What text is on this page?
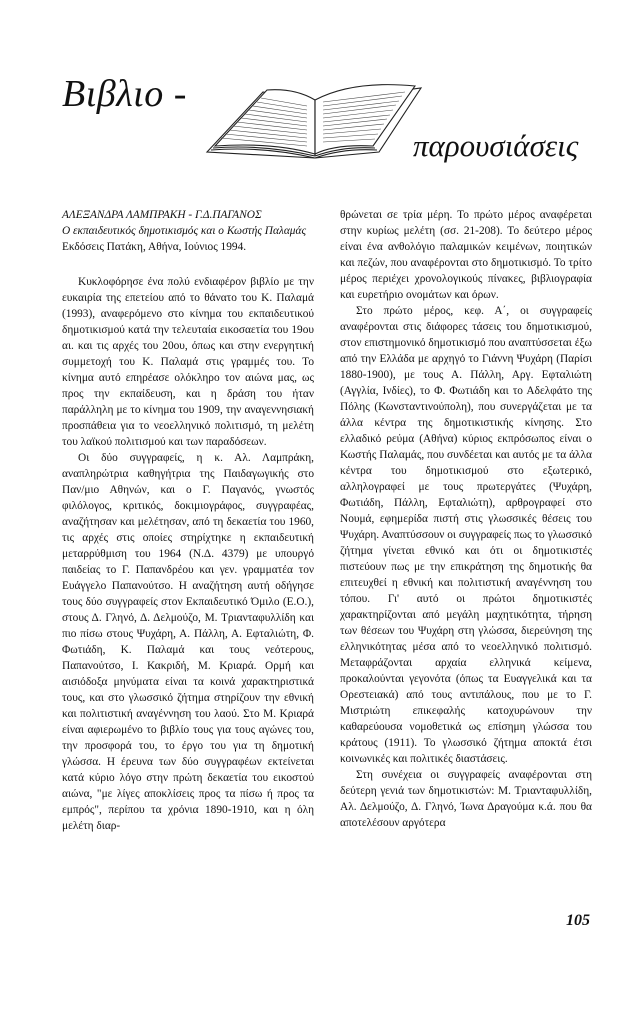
Βιβλιο -
παρουσιάσεις

ΑΛΕΞΑΝΔΡΑ ΛΑΜΠΡΑΚΗ - Γ.Δ.ΠΑΓΑΝΟΣ

Ο εκπαιδευτικός δημοτικισμός και ο Κωστής Παλαμάς

Εκδόσεις Πατάκη, Αθήνα, Ιούνιος 1994.

Κυκλοφόρησε ένα πολύ ενδιαφέρον βιβλίο με την ευκαιρία της επετείου από το θάνατο του Κ. Παλαμά (1993), αναφερόμενο στο κίνημα του εκπαιδευτικού δημοτικισμού κατά την τελευταία εικοσαετία του 19ου αι. και τις αρχές του 20ου, όπως και στην ενεργητική συμμετοχή του Κ. Παλαμά στις γραμμές του. Το κίνημα αυτό επηρέασε ολόκληρο τον αιώνα μας, ως προς την εκπαίδευση, και η δράση του ήταν παράλληλη με το κίνημα του 1909, την αναγεννησιακή προσπάθεια για το νεοελληνικό πολιτισμό, τη μελέτη του λαϊκού πολιτισμού και των παραδόσεων.

Οι δύο συγγραφείς, η κ. Αλ. Λαμπράκη, αναπληρώτρια καθηγήτρια της Παιδαγωγικής στο Παν/μιο Αθηνών, και ο Γ. Παγανός, γνωστός φιλόλογος, κριτικός, δοκιμιογράφος, συγγραφέας, αναζήτησαν και μελέτησαν, από τη δεκαετία του 1960, τις αρχές στις οποίες στηρίχτηκε η εκπαιδευτική μεταρρύθμιση του 1964 (Ν.Δ. 4379) με υπουργό παιδείας το Γ. Παπανδρέου και γεν. γραμματέα τον Ευάγγελο Παπανούτσο. Η αναζήτηση αυτή οδήγησε τους δύο συγγραφείς στον Εκπαιδευτικό Όμιλο (Ε.Ο.), στους Δ. Γληνό, Δ. Δελμούζο, Μ. Τριανταφυλλίδη και πιο πίσω στους Ψυχάρη, Α. Πάλλη, Α. Εφταλιώτη, Φ. Φωτιάδη, Κ. Παλαμά και τους νεότερους, Παπανούτσο, Ι. Κακριδή, Μ. Κριαρά. Ορμή και αισιόδοξα μηνύματα είναι τα κοινά χαρακτηριστικά τους, και στο γλωσσικό ζήτημα στηρίζουν την εθνική και πολιτιστική αναγέννηση του λαού. Στο Μ. Κριαρά είναι αφιερωμένο το βιβλίο τους για τους αγώνες του, την προσφορά του, το έργο του για τη δημοτική γλώσσα. Η έρευνα των δύο συγγραφέων εκτείνεται κατά κύριο λόγο στην πρώτη δεκαετία του εικοστού αιώνα, "με λίγες αποκλίσεις προς τα πίσω ή προς τα εμπρός", περίπου τα χρόνια 1890-1910, και η όλη μελέτη διαρ-

θρώνεται σε τρία μέρη. Το πρώτο μέρος αναφέρεται στην κυρίως μελέτη (σσ. 21-208). Το δεύτερο μέρος είναι ένα ανθολόγιο παλαμικών κειμένων, ποιητικών και πεζών, που αναφέρονται στο δημοτικισμό. Το τρίτο μέρος περιέχει χρονολογικούς πίνακες, βιβλιογραφία και ευρετήριο ονομάτων και όρων.

Στο πρώτο μέρος, κεφ. Α΄, οι συγγραφείς αναφέρονται στις διάφορες τάσεις του δημοτικισμού, στον επιστημονικό δημοτικισμό που αναπτύσσεται έξω από την Ελλάδα με αρχηγό το Γιάννη Ψυχάρη (Παρίσι 1880-1900), με τους Α. Πάλλη, Αργ. Εφταλιώτη (Αγγλία, Ινδίες), το Φ. Φωτιάδη και το Αδελφάτο της Πόλης (Κωνσταντινούπολη), που συνεργάζεται με τα άλλα κέντρα της δημοτικιστικής κίνησης. Στο ελλαδικό ρεύμα (Αθήνα) κύριος εκπρόσωπος είναι ο Κωστής Παλαμάς, που συνδέεται και αυτός με τα άλλα κέντρα του δημοτικισμού στο εξωτερικό, αλληλογραφεί με τους πρωτεργάτες (Ψυχάρη, Φωτιάδη, Πάλλη, Εφταλιώτη), αρθρογραφεί στο Νουμά, εφημερίδα πιστή στις γλωσσικές θέσεις του Ψυχάρη. Αναπτύσσουν οι συγγραφείς πως το γλωσσικό ζήτημα γίνεται εθνικό και ότι οι δημοτικιστές πιστεύουν πως με την επικράτηση της δημοτικής θα επιτευχθεί η εθνική και πολιτιστική αναγέννηση του τόπου. Γι' αυτό οι πρώτοι δημοτικιστές χαρακτηρίζονται από μεγάλη μαχητικότητα, τήρηση των θέσεων του Ψυχάρη στη γλώσσα, διερεύνηση της ελληνικότητας μέσα από το νεοελληνικό πολιτισμό. Μεταφράζονται αρχαία ελληνικά κείμενα, προκαλούνται γεγονότα (όπως τα Ευαγγελικά και τα Ορεστειακά) από τους αντιπάλους, που με το Γ. Μιστριώτη επικεφαλής κατοχυρώνουν την καθαρεύουσα νομοθετικά ως επίσημη γλώσσα του κράτους (1911). Το γλωσσικό ζήτημα αποκτά έτσι κοινωνικές και πολιτικές διαστάσεις.

Στη συνέχεια οι συγγραφείς αναφέρονται στη δεύτερη γενιά των δημοτικιστών: Μ. Τριανταφυλλίδη, Αλ. Δελμούζο, Δ. Γληνό, Ίωνα Δραγούμα κ.ά. που θα αποτελέσουν αργότερα

105
